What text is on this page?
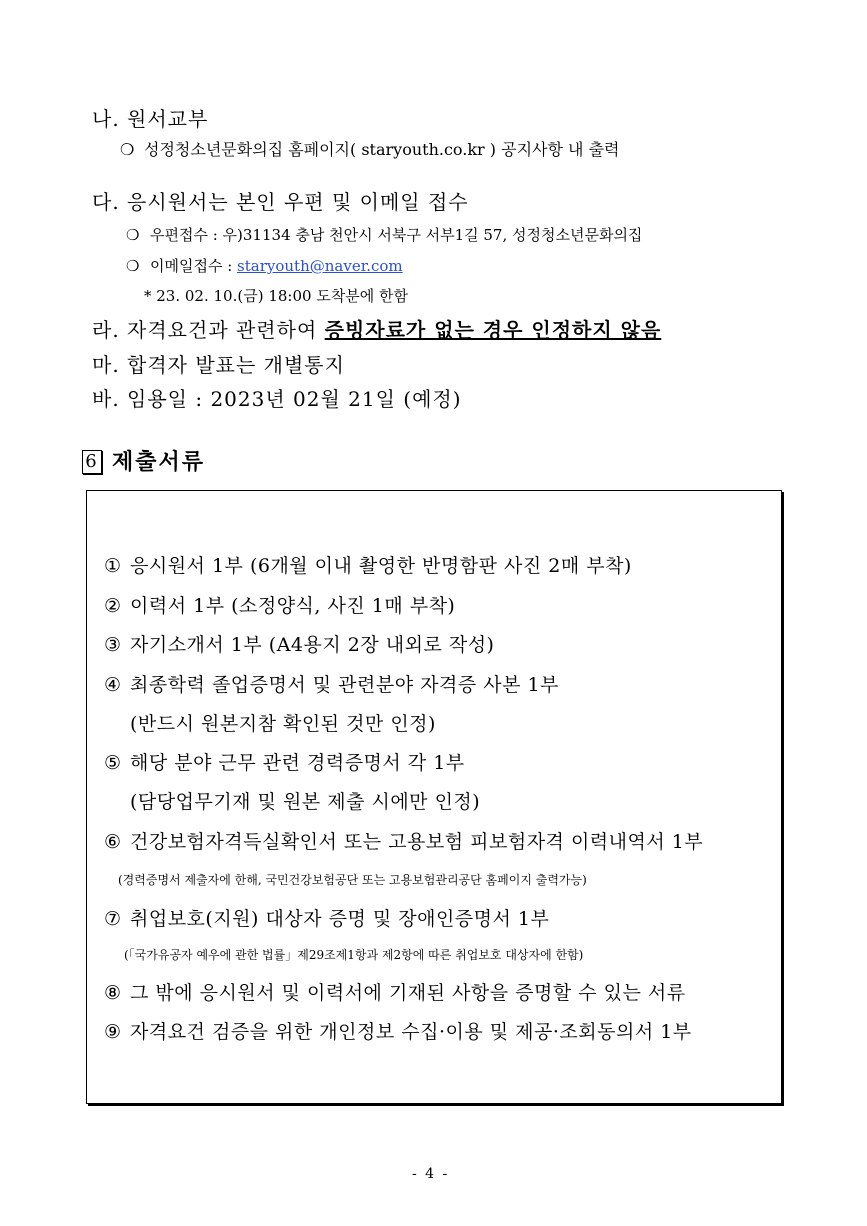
나. 원서교부
❍ 성정청소년문화의집 홈페이지( staryouth.co.kr ) 공지사항 내 출력
다. 응시원서는 본인 우편 및 이메일 접수
❍ 우편접수 : 우)31134 충남 천안시 서북구 서부1길 57, 성정청소년문화의집
❍ 이메일접수 : staryouth@naver.com
* 23. 02. 10.(금) 18:00 도착분에 한함
라. 자격요건과 관련하여 증빙자료가 없는 경우 인정하지 않음
마. 합격자 발표는 개별통지
바. 임용일 : 2023년 02월 21일 (예정)
6 제출서류
① 응시원서 1부 (6개월 이내 촬영한 반명함판 사진 2매 부착)
② 이력서 1부 (소정양식, 사진 1매 부착)
③ 자기소개서 1부 (A4용지 2장 내외로 작성)
④ 최종학력 졸업증명서 및 관련분야 자격증 사본 1부
(반드시 원본지참 확인된 것만 인정)
⑤ 해당 분야 근무 관련 경력증명서 각 1부
(담당업무기재 및 원본 제출 시에만 인정)
⑥ 건강보험자격득실확인서 또는 고용보험 피보험자격 이력내역서 1부
(경력증명서 제출자에 한해, 국민건강보험공단 또는 고용보험관리공단 홈페이지 출력가능)
⑦ 취업보호(지원) 대상자 증명 및 장애인증명서 1부
(「국가유공자 예우에 관한 법률」제29조제1항과 제2항에 따른 취업보호 대상자에 한함)
⑧ 그 밖에 응시원서 및 이력서에 기재된 사항을 증명할 수 있는 서류
⑨ 자격요건 검증을 위한 개인정보 수집·이용 및 제공·조회동의서 1부
- 4 -
